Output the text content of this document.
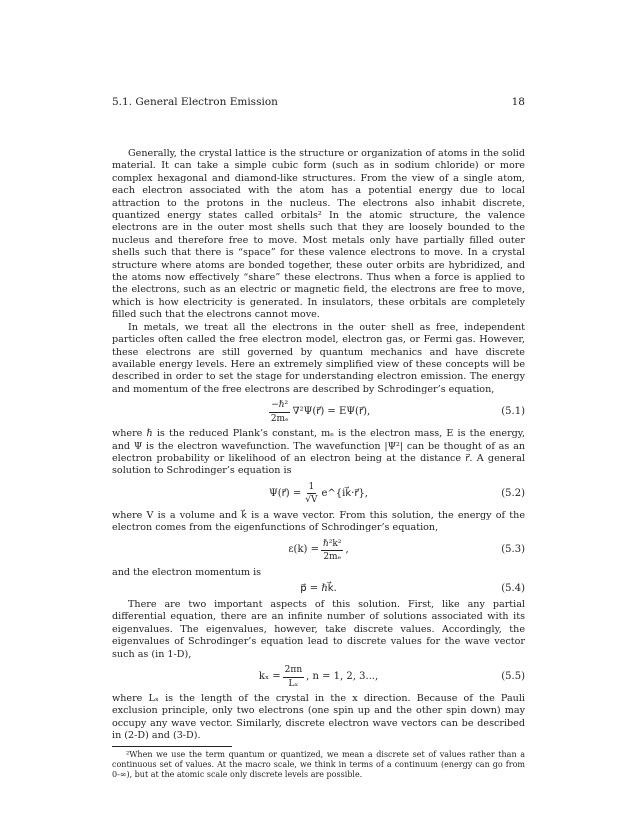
5.1. General Electron Emission	18

Generally, the crystal lattice is the structure or organization of atoms in the solid material. It can take a simple cubic form (such as in sodium chloride) or more complex hexagonal and diamond-like structures. From the view of a single atom, each electron associated with the atom has a potential energy due to local attraction to the protons in the nucleus. The electrons also inhabit discrete, quantized energy states called orbitals² In the atomic structure, the valence electrons are in the outer most shells such that they are loosely bounded to the nucleus and therefore free to move. Most metals only have partially filled outer shells such that there is “space” for these valence electrons to move. In a crystal structure where atoms are bonded together, these outer orbits are hybridized, and the atoms now effectively “share” these electrons. Thus when a force is applied to the electrons, such as an electric or magnetic field, the electrons are free to move, which is how electricity is generated. In insulators, these orbitals are completely filled such that the electrons cannot move.

In metals, we treat all the electrons in the outer shell as free, independent particles often called the free electron model, electron gas, or Fermi gas. However, these electrons are still governed by quantum mechanics and have discrete available energy levels. Here an extremely simplified view of these concepts will be described in order to set the stage for understanding electron emission. The energy and momentum of the free electrons are described by Schrodinger’s equation,

$\frac{\text{−ℏ²}}{\text{2mₑ}}$ ∇²Ψ(r⃗) = EΨ(r⃗),	(5.1)

where ℏ is the reduced Plank’s constant, mₑ is the electron mass, E is the energy, and Ψ is the electron wavefunction. The wavefunction |Ψ²| can be thought of as an electron probability or likelihood of an electron being at the distance r⃗. A general solution to Schrodinger’s equation is

Ψ(r⃗) = $\frac{1}{√V}$ e^{ik⃗·r⃗},	(5.2)

where V is a volume and k⃗ is a wave vector. From this solution, the energy of the electron comes from the eigenfunctions of Schrodinger’s equation,

$\varepsilon(k) = \frac{\text{ℏ²k²}}{\text{2mₑ}}$ ,	(5.3)

and the electron momentum is

p⃗ = ℏk⃗.	(5.4)

There are two important aspects of this solution. First, like any partial differential equation, there are an infinite number of solutions associated with its eigenvalues. The eigenvalues, however, take discrete values. Accordingly, the eigenvalues of Schrodinger’s equation lead to discrete values for the wave vector such as (in 1-D),

$k_x = \frac{2\pi n}{\text{Lₓ}}$ , n = 1, 2, 3...,	(5.5)

where Lₓ is the length of the crystal in the x direction. Because of the Pauli exclusion principle, only two electrons (one spin up and the other spin down) may occupy any wave vector. Similarly, discrete electron wave vectors can be described in (2-D) and (3-D).

²When we use the term quantum or quantized, we mean a discrete set of values rather than a continuous set of values. At the macro scale, we think in terms of a continuum (energy can go from 0-∞), but at the atomic scale only discrete levels are possible.
